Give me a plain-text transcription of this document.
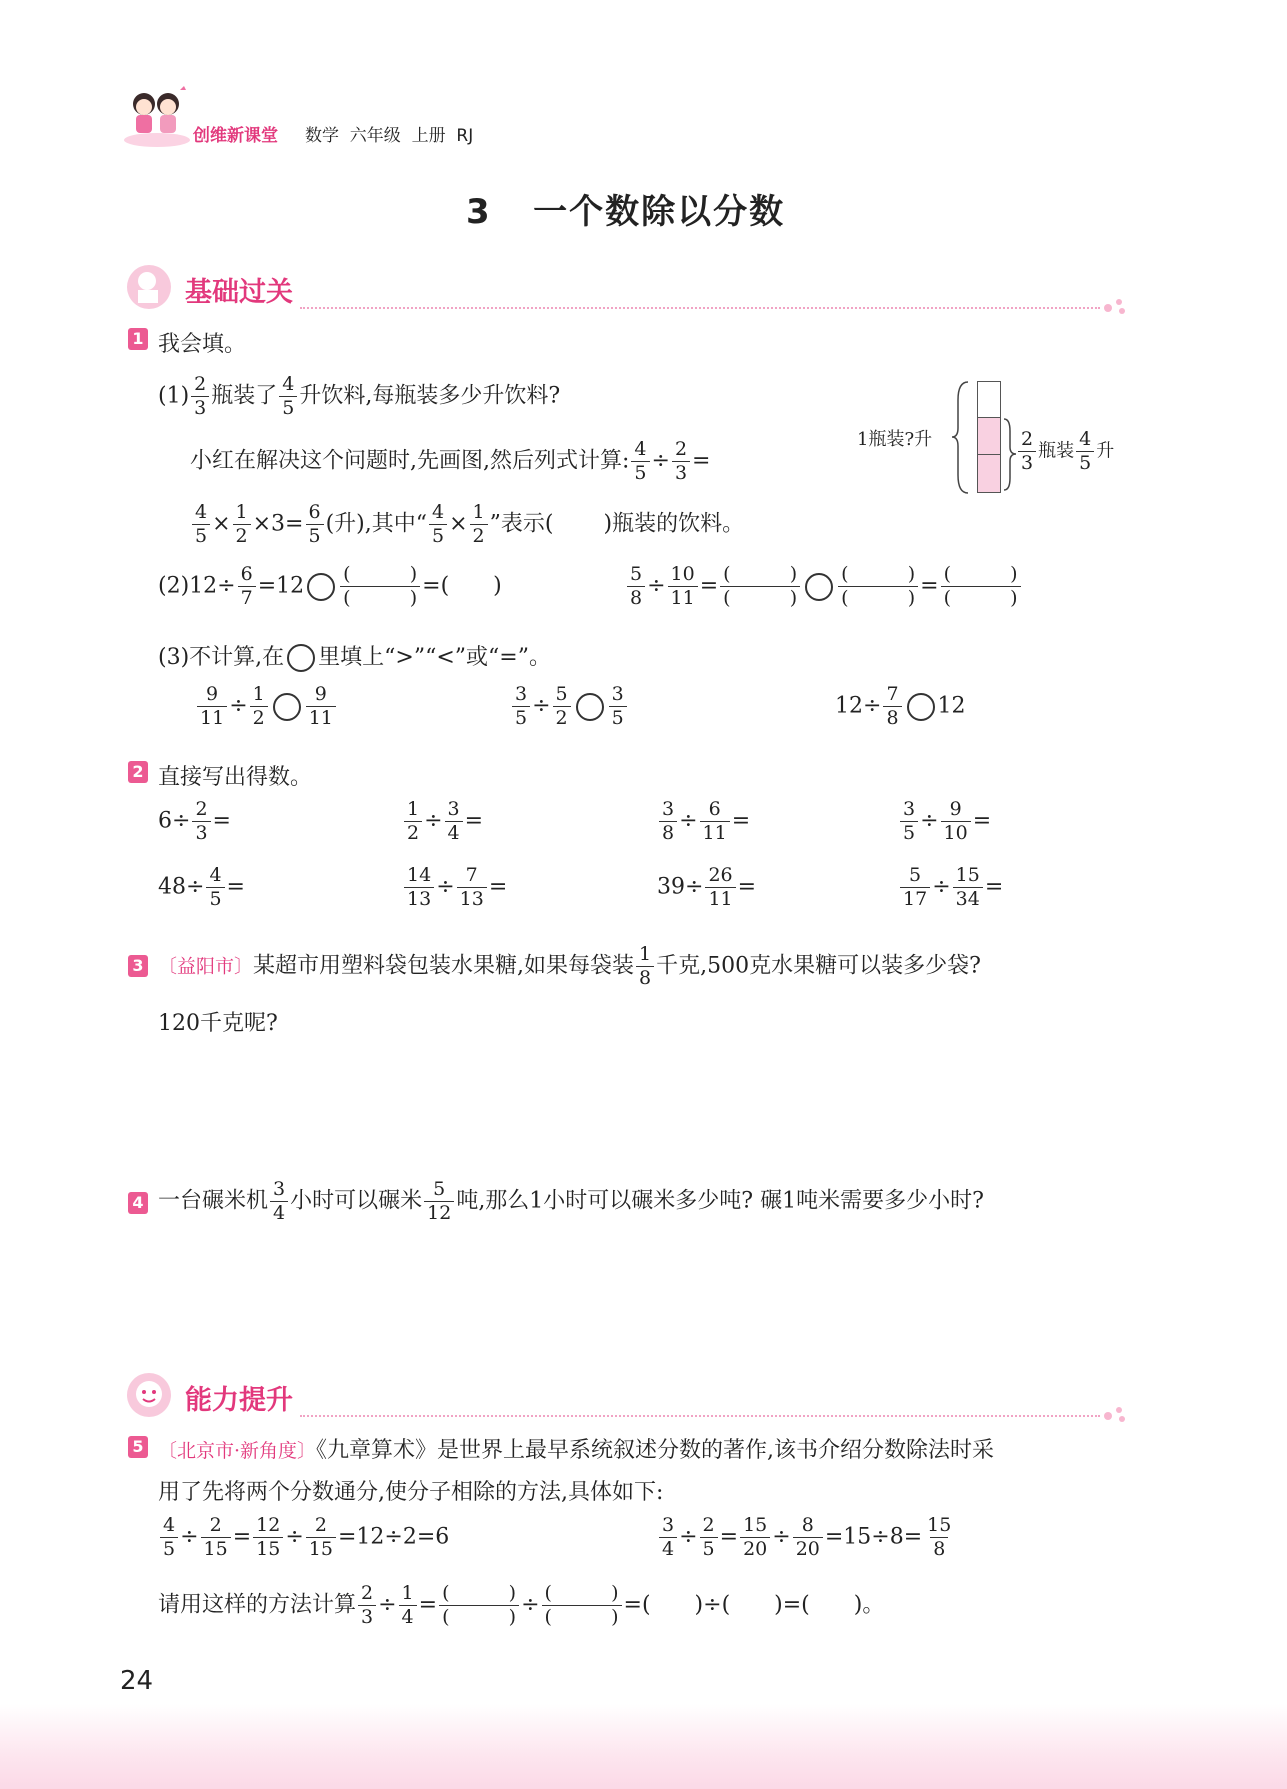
创维新课堂 数学  六年级  上册  RJ
3   一个数除以分数
基础过关
1 我会填。
$(1) \frac{2}{3}$ 瓶装了 $\frac{4}{5}$ 升饮料,每瓶装多少升饮料?
小红在解决这个问题时,先画图,然后列式计算: $\frac{4}{5} \div \frac{2}{3}$ =
$\frac{4}{5} \times \frac{1}{2} \times 3= \frac{6}{5}$ (升),其中“ $\frac{4}{5} \times \frac{1}{2}$ ”表示( )瓶装的饮料。
1瓶装?升	$\frac{2}{3}$ 瓶装 $\frac{4}{5}$ 升
$(2)12\div \frac{6}{7} =12$ (	)
(	) =( )	$\frac{5}{8} \div \frac{10}{11}$ = (	)
(	) (	)
(	) = (	)
(	)
(3)不计算,在 里填上“>”“<”或“=”。
$\frac{9}{11} \div \frac{1}{2} \frac{9}{11}$	$\frac{3}{5} \div \frac{5}{2} \frac{3}{5}$	$12\div \frac{7}{8} 12$
2 直接写出得数。
$6\div \frac{2}{3}$ =	$\frac{1}{2} \div \frac{3}{4}$ =	$\frac{3}{8} \div \frac{6}{11}$ =	$\frac{3}{5} \div \frac{9}{10}$ =
$48\div \frac{4}{5}$ =	$\frac{14}{13} \div \frac{7}{13}$ =	$39\div \frac{26}{11}$ =	$\frac{5}{17} \div \frac{15}{34}$ =
3 〔益阳市〕某超市用塑料袋包装水果糖,如果每袋装 $\frac{1}{8}$ 千克,500克水果糖可以装多少袋?
120千克呢?
4 一台碾米机 $\frac{3}{4}$ 小时可以碾米 $\frac{5}{12}$ 吨,那么1小时可以碾米多少吨? 碾1吨米需要多少小时?
能力提升
5 〔北京市·新角度〕《九章算术》是世界上最早系统叙述分数的著作,该书介绍分数除法时采
用了先将两个分数通分,使分子相除的方法,具体如下:
$\frac{4}{5} \div \frac{2}{15} = \frac{12}{15} \div \frac{2}{15} =12\div 2=6$	$\frac{3}{4} \div \frac{2}{5} = \frac{15}{20} \div \frac{8}{20} =15\div 8= \frac{15}{8}$
请用这样的方法计算 $\frac{2}{3} \div \frac{1}{4}$ = (	)
(	) ÷ (	)
(	) =( )÷( )=( )。
24
